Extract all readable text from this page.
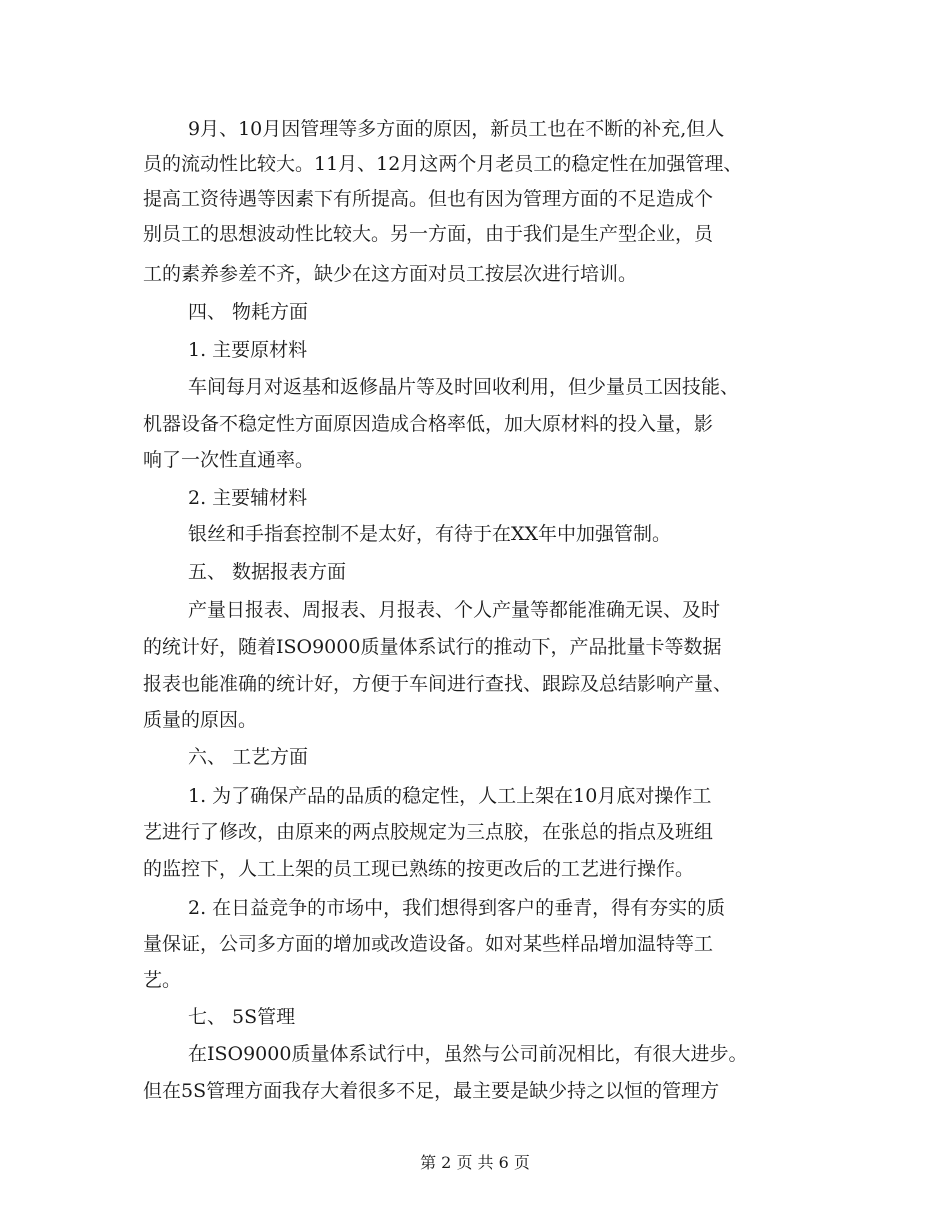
9月、10月因管理等多方面的原因，新员工也在不断的补充,但人
员的流动性比较大。11月、12月这两个月老员工的稳定性在加强管理、
提高工资待遇等因素下有所提高。但也有因为管理方面的不足造成个
别员工的思想波动性比较大。另一方面，由于我们是生产型企业，员
工的素养参差不齐，缺少在这方面对员工按层次进行培训。
四、 物耗方面
1. 主要原材料
车间每月对返基和返修晶片等及时回收利用，但少量员工因技能、
机器设备不稳定性方面原因造成合格率低，加大原材料的投入量，影
响了一次性直通率。
2. 主要辅材料
银丝和手指套控制不是太好，有待于在XX年中加强管制。
五、 数据报表方面
产量日报表、周报表、月报表、个人产量等都能准确无误、及时
的统计好，随着ISO9000质量体系试行的推动下，产品批量卡等数据
报表也能准确的统计好，方便于车间进行查找、跟踪及总结影响产量、
质量的原因。
六、 工艺方面
1. 为了确保产品的品质的稳定性，人工上架在10月底对操作工
艺进行了修改，由原来的两点胶规定为三点胶，在张总的指点及班组
的监控下，人工上架的员工现已熟练的按更改后的工艺进行操作。
2. 在日益竞争的市场中，我们想得到客户的垂青，得有夯实的质
量保证，公司多方面的增加或改造设备。如对某些样品增加温特等工
艺。
七、 5S管理
在ISO9000质量体系试行中，虽然与公司前况相比，有很大进步。
但在5S管理方面我存大着很多不足，最主要是缺少持之以恒的管理方
第 2 页 共 6 页
